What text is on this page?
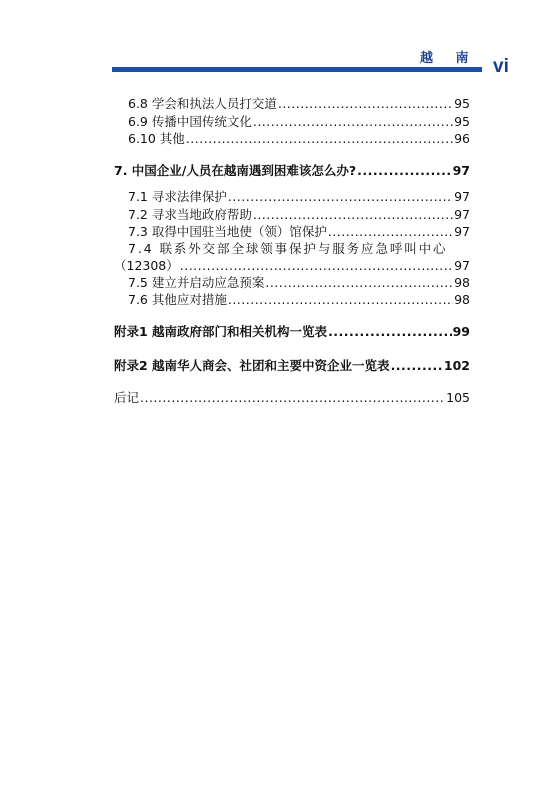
越 南 vi
6.8 学会和执法人员打交道 .....	95
6.9 传播中国传统文化 .....	95
6.10 其他 .....	96
7. 中国企业/人员在越南遇到困难该怎么办? .....	97
7.1 寻求法律保护 .....	97
7.2 寻求当地政府帮助 .....	97
7.3 取得中国驻当地使（领）馆保护 .....	97
7.4 联系外交部全球领事保护与服务应急呼叫中心
（12308） .....	97
7.5 建立并启动应急预案 .....	98
7.6 其他应对措施 .....	98
附录1 越南政府部门和相关机构一览表 .....	99
附录2 越南华人商会、社团和主要中资企业一览表 .....	102
后记 .....	105
